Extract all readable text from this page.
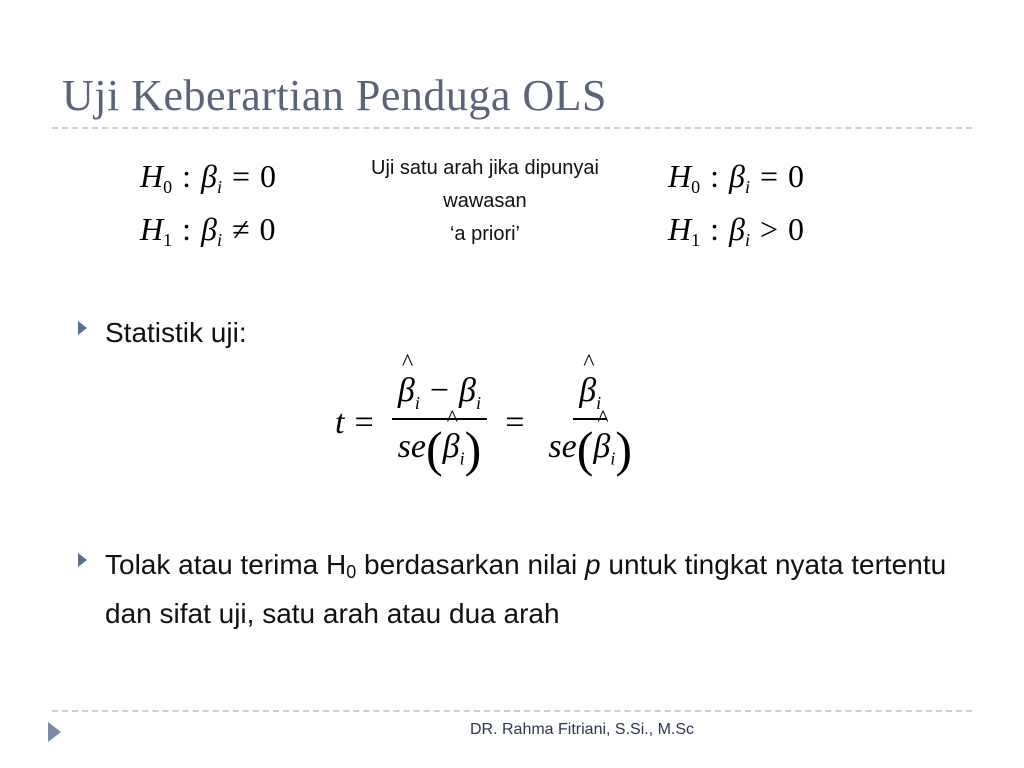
Uji Keberartian Penduga OLS
$H_0$ : $\beta_i = 0$
$H_1$ : $\beta_i \ne 0$
Uji satu arah jika dipunyai
wawasan
‘a priori’
$H_0$ : $\beta_i = 0$
$H_1$ : $\beta_i > 0$
Statistik uji:
t = ^ $\frac{\beta_i - \beta_i}{se(\^{} \beta_i)}$ = ^ $\frac{\beta_i}{se(\^{} \beta_i)}$
Tolak atau terima $H_0$ berdasarkan nilai p untuk tingkat nyata tertentu dan sifat uji, satu arah atau dua arah
DR. Rahma Fitriani, S.Si., M.Sc
